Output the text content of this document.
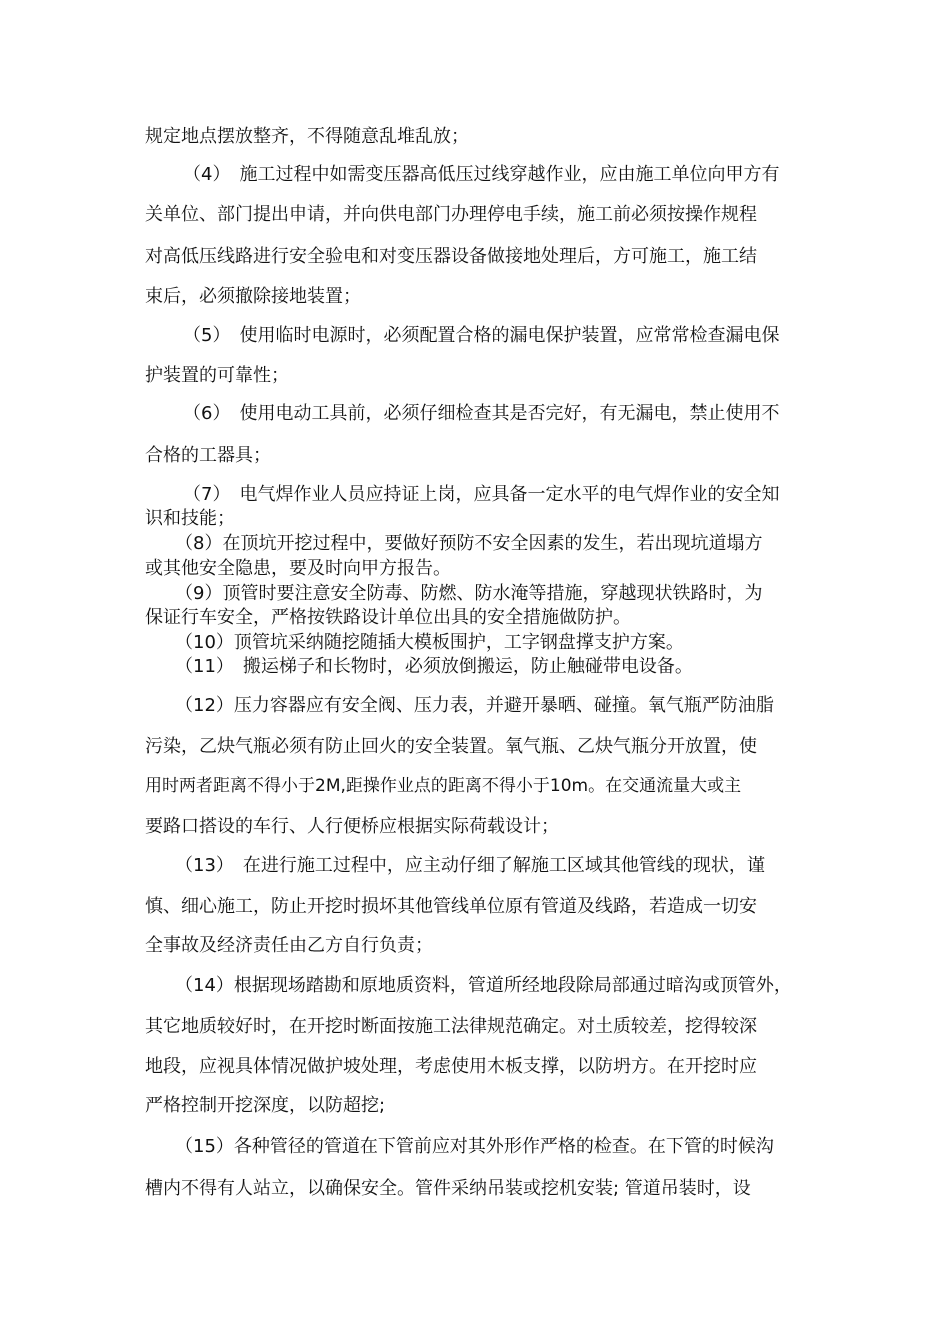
规定地点摆放整齐，不得随意乱堆乱放；

（4）　施工过程中如需变压器高低压过线穿越作业，应由施工单位向甲方有

关单位、部门提出申请，并向供电部门办理停电手续，施工前必须按操作规程

对高低压线路进行安全验电和对变压器设备做接地处理后，方可施工，施工结

束后，必须撤除接地装置；

（5）　使用临时电源时，必须配置合格的漏电保护装置，应常常检查漏电保

护装置的可靠性；

（6）　使用电动工具前，必须仔细检查其是否完好，有无漏电，禁止使用不

合格的工器具；

（7）　电气焊作业人员应持证上岗，应具备一定水平的电气焊作业的安全知

识和技能；

（8）在顶坑开挖过程中，要做好预防不安全因素的发生，若出现坑道塌方

或其他安全隐患，要及时向甲方报告。

（9）顶管时要注意安全防毒、防燃、防水淹等措施，穿越现状铁路时，为

保证行车安全，严格按铁路设计单位出具的安全措施做防护。

（10）顶管坑采纳随挖随插大模板围护，工字钢盘撑支护方案。

（11）　搬运梯子和长物时，必须放倒搬运，防止触碰带电设备。

（12）压力容器应有安全阀、压力表，并避开暴晒、碰撞。氧气瓶严防油脂

污染，乙炔气瓶必须有防止回火的安全装置。氧气瓶、乙炔气瓶分开放置，使

用时两者距离不得小于2M,距操作业点的距离不得小于10m。在交通流量大或主

要路口搭设的车行、人行便桥应根据实际荷载设计；

（13）　在进行施工过程中，应主动仔细了解施工区域其他管线的现状，谨

慎、细心施工，防止开挖时损坏其他管线单位原有管道及线路，若造成一切安

全事故及经济责任由乙方自行负责；

（14）根据现场踏勘和原地质资料，管道所经地段除局部通过暗沟或顶管外，

其它地质较好时，在开挖时断面按施工法律规范确定。对土质较差，挖得较深

地段，应视具体情况做护坡处理，考虑使用木板支撑，以防坍方。在开挖时应

严格控制开挖深度，以防超挖;

（15）各种管径的管道在下管前应对其外形作严格的检查。在下管的时候沟

槽内不得有人站立，以确保安全。管件采纳吊装或挖机安装; 管道吊装时，设
